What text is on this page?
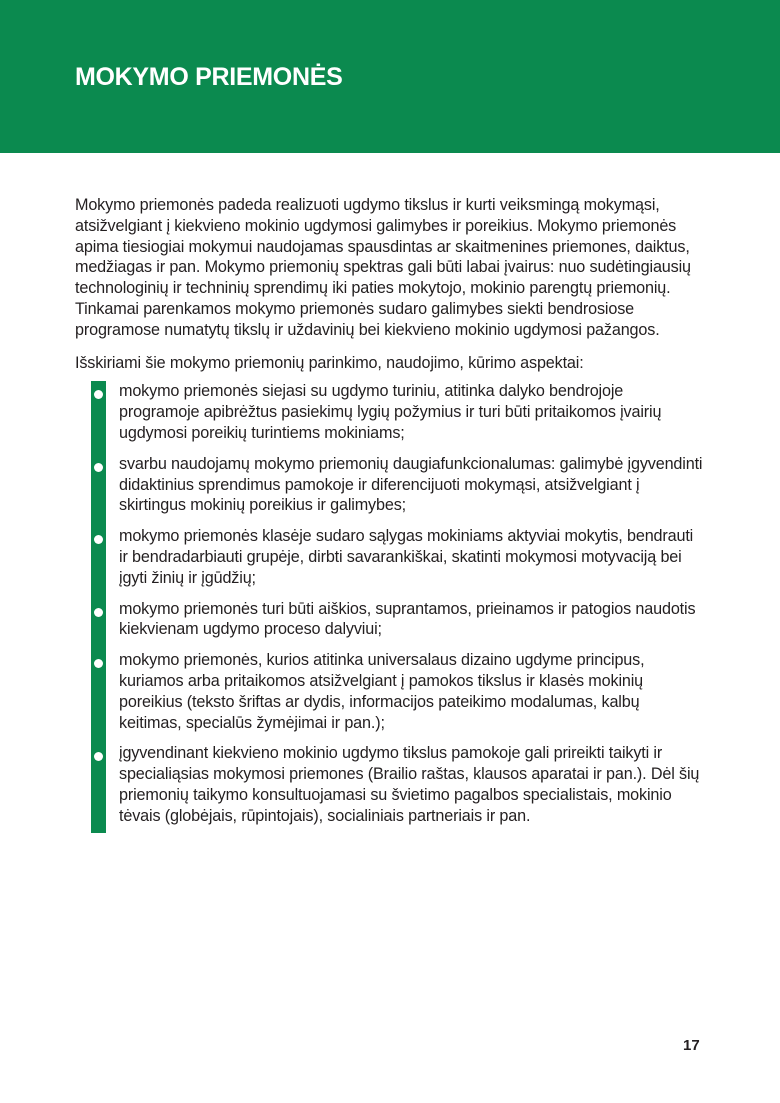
MOKYMO PRIEMONĖS

Mokymo priemonės padeda realizuoti ugdymo tikslus ir kurti veiksmingą mokymąsi, atsižvelgiant į kiekvieno mokinio ugdymosi galimybes ir poreikius. Mokymo priemonės apima tiesiogiai mokymui naudojamas spausdintas ar skaitmenines priemones, daiktus, medžiagas ir pan. Mokymo priemonių spektras gali būti labai įvairus: nuo sudėtingiausių technologinių ir techninių sprendimų iki paties mokytojo, mokinio parengtų priemonių. Tinkamai parenkamos mokymo priemonės sudaro galimybes siekti bendrosiose programose numatytų tikslų ir uždavinių bei kiekvieno mokinio ugdymosi pažangos.

Išskiriami šie mokymo priemonių parinkimo, naudojimo, kūrimo aspektai:

mokymo priemonės siejasi su ugdymo turiniu, atitinka dalyko bendrojoje programoje apibrėžtus pasiekimų lygių požymius ir turi būti pritaikomos įvairių ugdymosi poreikių turintiems mokiniams;
svarbu naudojamų mokymo priemonių daugiafunkcionalumas: galimybė įgyvendinti didaktinius sprendimus pamokoje ir diferencijuoti mokymąsi, atsižvelgiant į skirtingus mokinių poreikius ir galimybes;
mokymo priemonės klasėje sudaro sąlygas mokiniams aktyviai mokytis, bendrauti ir bendradarbiauti grupėje, dirbti savarankiškai, skatinti mokymosi motyvaciją bei įgyti žinių ir įgūdžių;
mokymo priemonės turi būti aiškios, suprantamos, prieinamos ir patogios naudotis kiekvienam ugdymo proceso dalyviui;
mokymo priemonės, kurios atitinka universalaus dizaino ugdyme principus, kuriamos arba pritaikomos atsižvelgiant į pamokos tikslus ir klasės mokinių poreikius (teksto šriftas ar dydis, informacijos pateikimo modalumas, kalbų keitimas, specialūs žymėjimai ir pan.);
įgyvendinant kiekvieno mokinio ugdymo tikslus pamokoje gali prireikti taikyti ir specialiąsias mokymosi priemones (Brailio raštas, klausos aparatai ir pan.). Dėl šių priemonių taikymo konsultuojamasi su švietimo pagalbos specialistais, mokinio tėvais (globėjais, rūpintojais), socialiniais partneriais ir pan.
17
